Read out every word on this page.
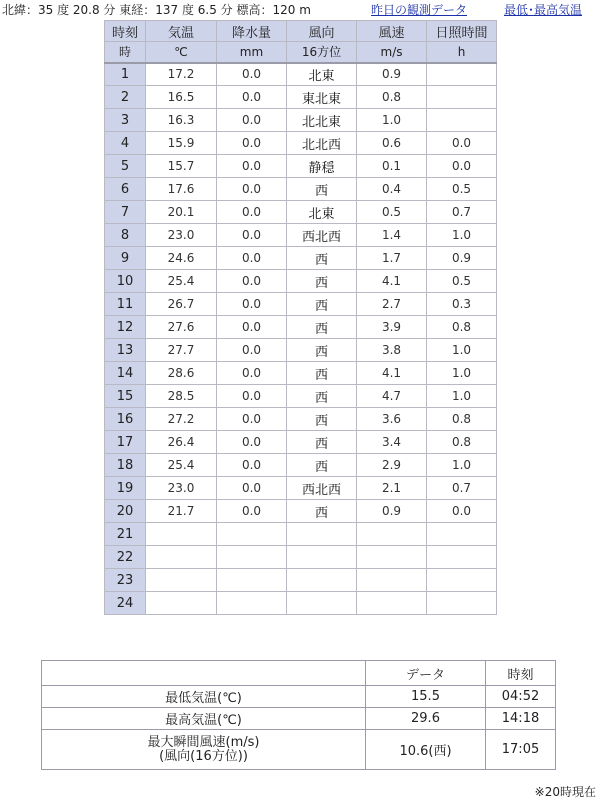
北緯：35 度 20.8 分 東経：137 度 6.5 分 標高：120 m	昨日の観測データ	最低･最高気温
時刻	気温	降水量	風向	風速	日照時間
時	℃	mm	16方位	m/s	h
1	17.2	0.0	北東	0.9	
2	16.5	0.0	東北東	0.8	
3	16.3	0.0	北北東	1.0	
4	15.9	0.0	北北西	0.6	0.0
5	15.7	0.0	静穏	0.1	0.0
6	17.6	0.0	西	0.4	0.5
7	20.1	0.0	北東	0.5	0.7
8	23.0	0.0	西北西	1.4	1.0
9	24.6	0.0	西	1.7	0.9
10	25.4	0.0	西	4.1	0.5
11	26.7	0.0	西	2.7	0.3
12	27.6	0.0	西	3.9	0.8
13	27.7	0.0	西	3.8	1.0
14	28.6	0.0	西	4.1	1.0
15	28.5	0.0	西	4.7	1.0
16	27.2	0.0	西	3.6	0.8
17	26.4	0.0	西	3.4	0.8
18	25.4	0.0	西	2.9	1.0
19	23.0	0.0	西北西	2.1	0.7
20	21.7	0.0	西	0.9	0.0
21					
22					
23					
24					
	データ	時刻
最低気温(℃)	15.5	04:52
最高気温(℃)	29.6	14:18

最大瞬間風速(m/s)
(風向(16方位))	10.6(西)	17:05
※20時現在
